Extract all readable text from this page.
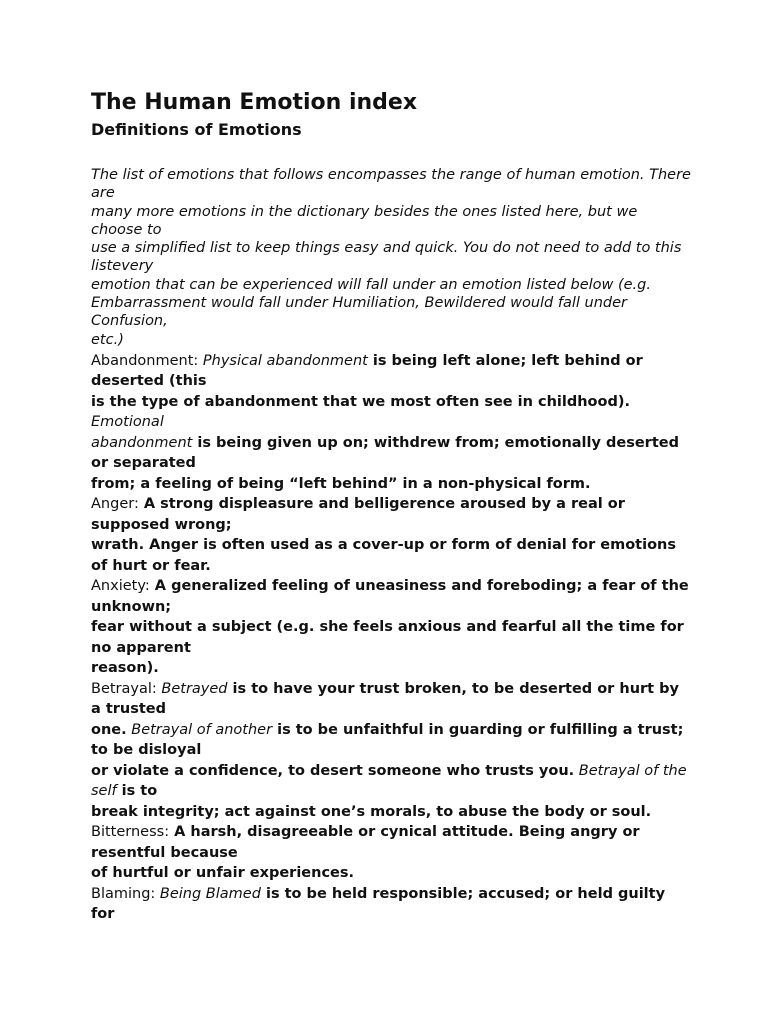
The Human Emotion index
Definitions of Emotions

The list of emotions that follows encompasses the range of human emotion. There are
many more emotions in the dictionary besides the ones listed here, but we choose to
use a simplified list to keep things easy and quick. You do not need to add to this listevery
emotion that can be experienced will fall under an emotion listed below (e.g.
Embarrassment would fall under Humiliation, Bewildered would fall under Confusion,
etc.)

Abandonment: Physical abandonment is being left alone; left behind or deserted (this
is the type of abandonment that we most often see in childhood). Emotional
abandonment is being given up on; withdrew from; emotionally deserted or separated
from; a feeling of being “left behind” in a non-physical form.

Anger: A strong displeasure and belligerence aroused by a real or supposed wrong;
wrath. Anger is often used as a cover-up or form of denial for emotions of hurt or fear.

Anxiety: A generalized feeling of uneasiness and foreboding; a fear of the unknown;
fear without a subject (e.g. she feels anxious and fearful all the time for no apparent
reason).

Betrayal: Betrayed is to have your trust broken, to be deserted or hurt by a trusted
one. Betrayal of another is to be unfaithful in guarding or fulfilling a trust; to be disloyal
or violate a confidence, to desert someone who trusts you. Betrayal of the self is to
break integrity; act against one’s morals, to abuse the body or soul.

Bitterness: A harsh, disagreeable or cynical attitude. Being angry or resentful because
of hurtful or unfair experiences.

Blaming: Being Blamed is to be held responsible; accused; or held guilty for
